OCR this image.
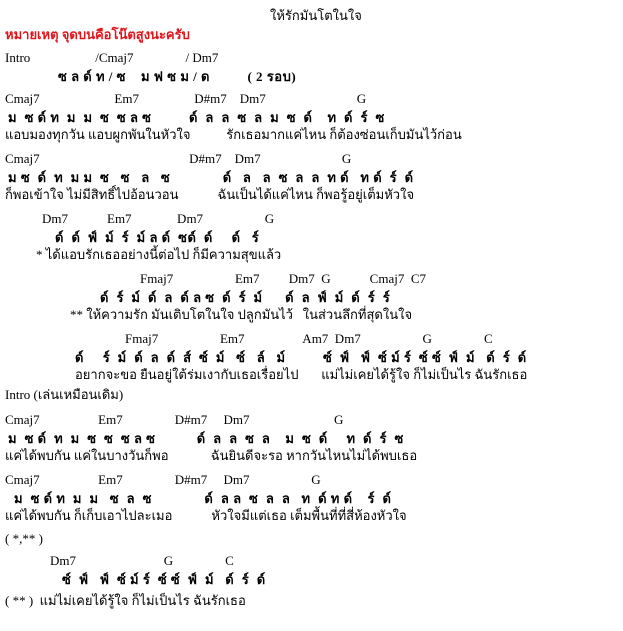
ให้รักมันโตในใจ
หมายเหตุ จุดบนคือโน๊ตสูงนะครับ
Intro                    /Cmaj7                / Dm7
ซ ล ด์ ท / ซ    ม ฟ ซ ม / ด          ( 2 รอบ)
Cmaj7                       Em7                 D#m7    Dm7                            G
ม  ซ ด์ ท  ม  ม  ซ  ซ ล ซ          ด์  ล  ล  ซ  ล  ม  ซ  ด์    ท  ด์  ร์  ซ
แอบมองทุกวัน แอบผูกพันในหัวใจ           รักเธอมากแค่ไหน ก็ต้องซ่อนเก็บมันไว้ก่อน
Cmaj7                                              D#m7    Dm7                         G
ม ซ  ด์  ท  ม ม  ซ   ซ   ล   ซ              ด์   ล   ล  ซ  ล  ล  ท ด์   ท ด์  ร์  ด์
ก็พอเข้าใจ ไม่มีสิทธิ์ไปอ้อนวอน            ฉันเป็นได้แค่ไหน ก็พอรู้อยู่เต็มหัวใจ
Dm7            Em7              Dm7                   G
ด์  ด์  ฟ์  ม์  ร์  ม์ ล ด์  ซด์  ด์     ด์   ร์
* ได้แอบรักเธออย่างนี้ต่อไป ก็มีความสุขแล้ว
Fmaj7                   Em7         Dm7  G            Cmaj7  C7
ด์  ร์  ม์  ด์  ล  ด์ ล ซ  ด์  ร์  ม์      ด์  ล  ฟ์  ม์  ด์  ร์  ร์
** ให้ความรัก มันเติบโตในใจ ปลูกมันไว้   ในส่วนลึกที่สุดในใจ
Fmaj7                   Em7                  Am7  Dm7                   G                C
ด์     ร์  ม์  ด์  ล  ด์  ส์  ซ์  ม์   ซ์   ล์   ม์          ซ์  ฟ์   ฟ์  ซ์ ม์ ร์  ซ์ ซ์  ฟ์  ม์   ด์  ร์  ด์
อยากจะขอ ยืนอยู่ใต้ร่มเงากับเธอเรื่อยไป       แม่ไม่เคยได้รู้ใจ ก็ไม่เป็นไร ฉันรักเธอ
Intro (เล่นเหมือนเดิม)
Cmaj7                  Em7                D#m7     Dm7                          G
ม  ซ ด์  ท  ม  ซ  ซ  ซ ล ซ           ด์  ล  ล  ซ  ล    ม  ซ  ด์     ท  ด์  ร์  ซ
แค่ได้พบกัน แค่ในบางวันก็พอ             ฉันยินดีจะรอ หากวันไหนไม่ได้พบเธอ
Cmaj7                  Em7                D#m7     Dm7                   G
ม  ซ ด์ ท  ม  ม   ซ  ล  ซ              ด์  ล ล  ซ  ล  ล   ท  ด์ ท ด์    ร์  ด์
แค่ได้พบกัน ก็เก็บเอาไปละเมอ            หัวใจมีแต่เธอ เต็มพื้นที่ที่สี่ห้องหัวใจ
( *,** )
Dm7                           G                C
ซ์  ฟ์   ฟ์  ซ์ ม์ ร์  ซ์ ซ์  ฟ์  ม์   ด์  ร์  ด์
( ** )  แม่ไม่เคยได้รู้ใจ ก็ไม่เป็นไร ฉันรักเธอ
